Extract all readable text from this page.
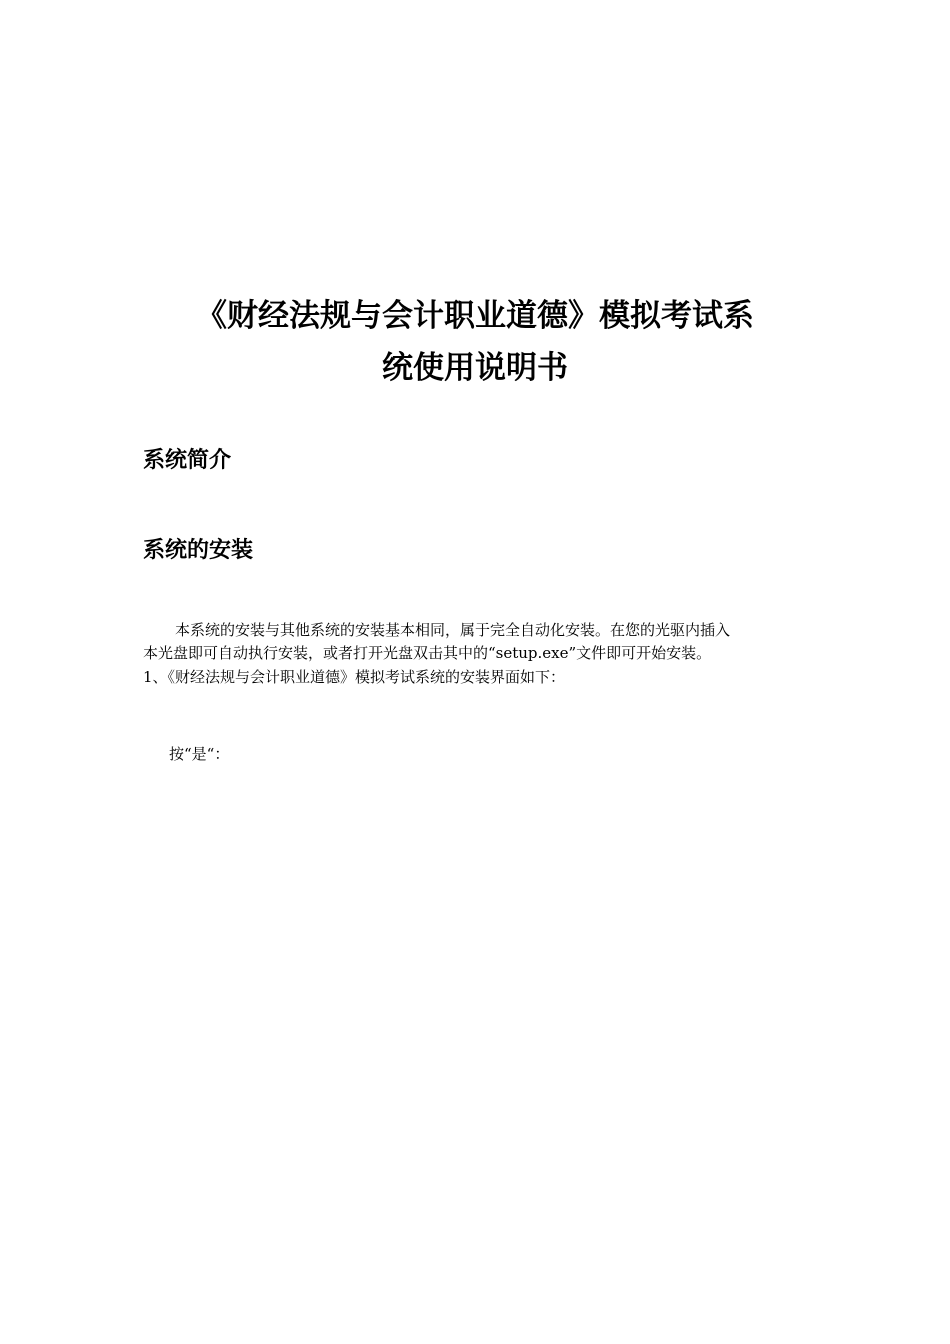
《财经法规与会计职业道德》模拟考试系
统使用说明书
系统简介
系统的安装
本系统的安装与其他系统的安装基本相同，属于完全自动化安装。在您的光驱内插入
本光盘即可自动执行安装，或者打开光盘双击其中的“setup.exe”文件即可开始安装。
1、《财经法规与会计职业道德》模拟考试系统的安装界面如下：
按“是“：
